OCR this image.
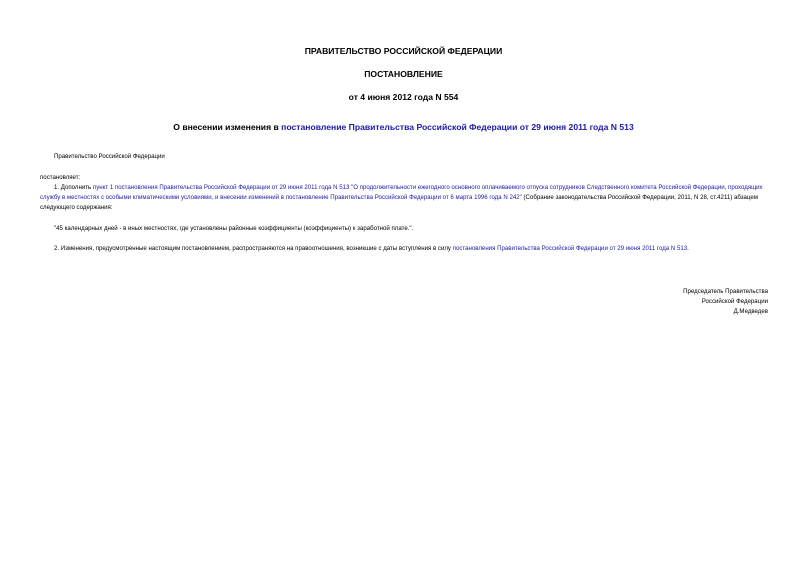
ПРАВИТЕЛЬСТВО РОССИЙСКОЙ ФЕДЕРАЦИИ
ПОСТАНОВЛЕНИЕ
от 4 июня 2012 года N 554
О внесении изменения в постановление Правительства Российской Федерации от 29 июня 2011 года N 513
Правительство Российской Федерации
постановляет:
1. Дополнить пункт 1 постановления Правительства Российской Федерации от 29 июня 2011 года N 513 "О продолжительности ежегодного основного оплачиваемого отпуска сотрудников Следственного комитета Российской Федерации, проходящих службу в местностях с особыми климатическими условиями, и внесении изменений в постановление Правительства Российской Федерации от 6 марта 1996 года N 242" (Собрание законодательства Российской Федерации, 2011, N 28, ст.4211) абзацем следующего содержания:
"45 календарных дней - в иных местностях, где установлены районные коэффициенты (коэффициенты) к заработной плате.".
2. Изменения, предусмотренные настоящим постановлением, распространяются на правоотношения, возникшие с даты вступления в силу постановления Правительства Российской Федерации от 29 июня 2011 года N 513.
Председатель Правительства
Российской Федерации
Д.Медведев
